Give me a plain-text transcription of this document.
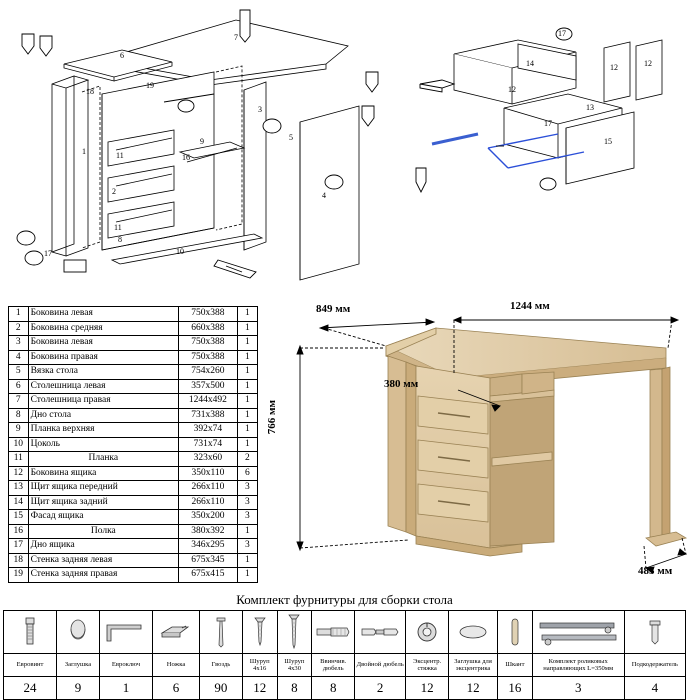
1
6
19
18
7
3
5
4
11
2
11
16
9
8
10
17
14	12	12
12
13
17
15
17
1	Боковина левая	750x388	1
2	Боковина средняя	660x388	1
3	Боковина левая	750x388	1
4	Боковина правая	750x388	1
5	Вязка стола	754x260	1
6	Столешница левая	357x500	1
7	Столешница правая	1244x492	1
8	Дно стола	731x388	1
9	Планка верхняя	392x74	1
10	Цоколь	731x74	1
11	Планка	323x60	2
12	Боковина ящика	350x110	6
13	Щит ящика передний	266x110	3
14	Щит ящика задний	266x110	3
15	Фасад ящика	350x200	3
16	Полка	380x392	1
17	Дно ящика	346x295	3
18	Стенка задняя левая	675x345	1
19	Стенка задняя правая	675x415	1
1244 мм
849 мм
766 мм
380 мм
485 мм
Комплект фурнитуры для сборки стола

Евровинт	Заглушка	Евроключ	Ножка	Гвоздь	Шуруп 4х16	Шуруп 4х30	Ввинчив. дюбель	Двойной дюбель	Эксцентр. стяжка	Заглушка для эксцентрика	Шкант	Комплект роликовых направляющих L=350мм	Подкодержатель
24	9	1	6	90	12	8	8	2	12	12	16	3	4
